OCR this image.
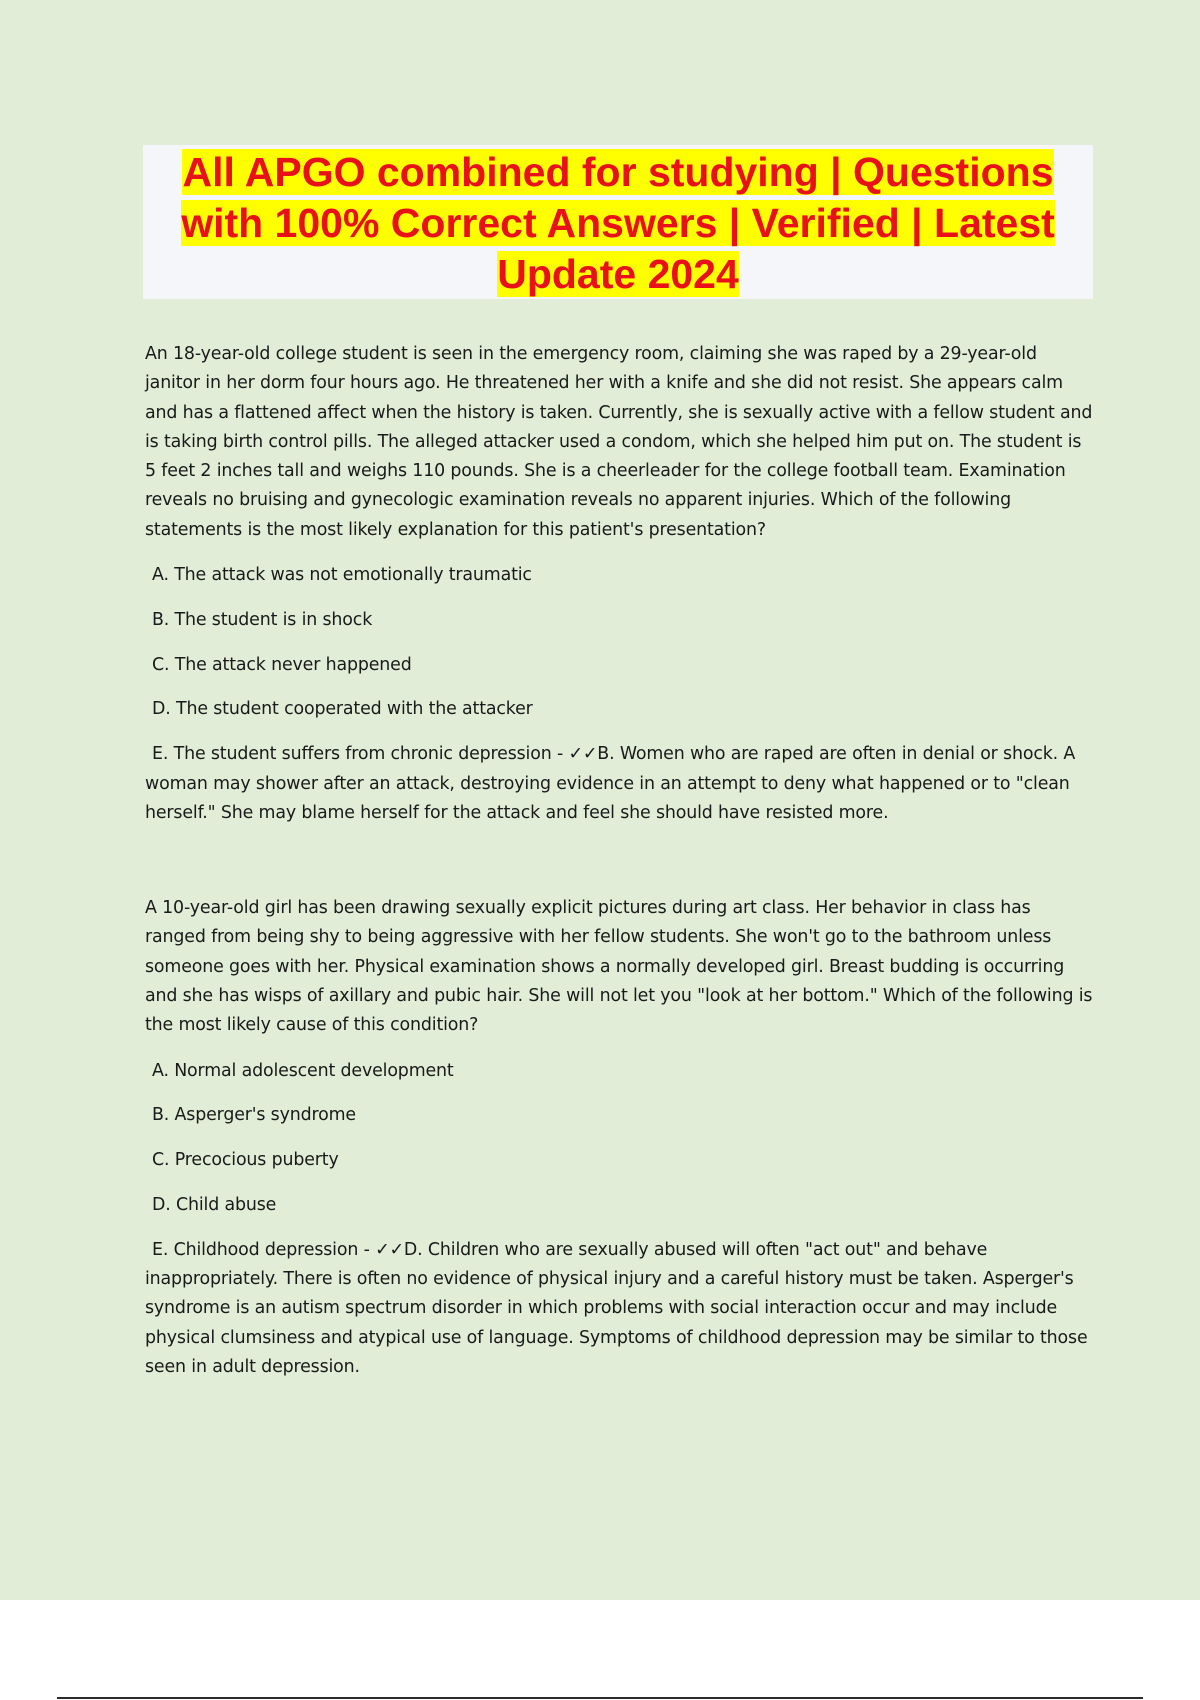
All APGO combined for studying | Questions with 100% Correct Answers | Verified | Latest Update 2024

An 18-year-old college student is seen in the emergency room, claiming she was raped by a 29-year-old janitor in her dorm four hours ago. He threatened her with a knife and she did not resist. She appears calm and has a flattened affect when the history is taken. Currently, she is sexually active with a fellow student and is taking birth control pills. The alleged attacker used a condom, which she helped him put on. The student is 5 feet 2 inches tall and weighs 110 pounds. She is a cheerleader for the college football team. Examination reveals no bruising and gynecologic examination reveals no apparent injuries. Which of the following statements is the most likely explanation for this patient's presentation?

A. The attack was not emotionally traumatic

B. The student is in shock

C. The attack never happened

D. The student cooperated with the attacker

E. The student suffers from chronic depression - ✓✓B. Women who are raped are often in denial or shock. A woman may shower after an attack, destroying evidence in an attempt to deny what happened or to "clean herself." She may blame herself for the attack and feel she should have resisted more.

A 10-year-old girl has been drawing sexually explicit pictures during art class. Her behavior in class has ranged from being shy to being aggressive with her fellow students. She won't go to the bathroom unless someone goes with her. Physical examination shows a normally developed girl. Breast budding is occurring and she has wisps of axillary and pubic hair. She will not let you "look at her bottom." Which of the following is the most likely cause of this condition?

A. Normal adolescent development

B. Asperger's syndrome

C. Precocious puberty

D. Child abuse

E. Childhood depression - ✓✓D. Children who are sexually abused will often "act out" and behave inappropriately. There is often no evidence of physical injury and a careful history must be taken. Asperger's syndrome is an autism spectrum disorder in which problems with social interaction occur and may include physical clumsiness and atypical use of language. Symptoms of childhood depression may be similar to those seen in adult depression.
